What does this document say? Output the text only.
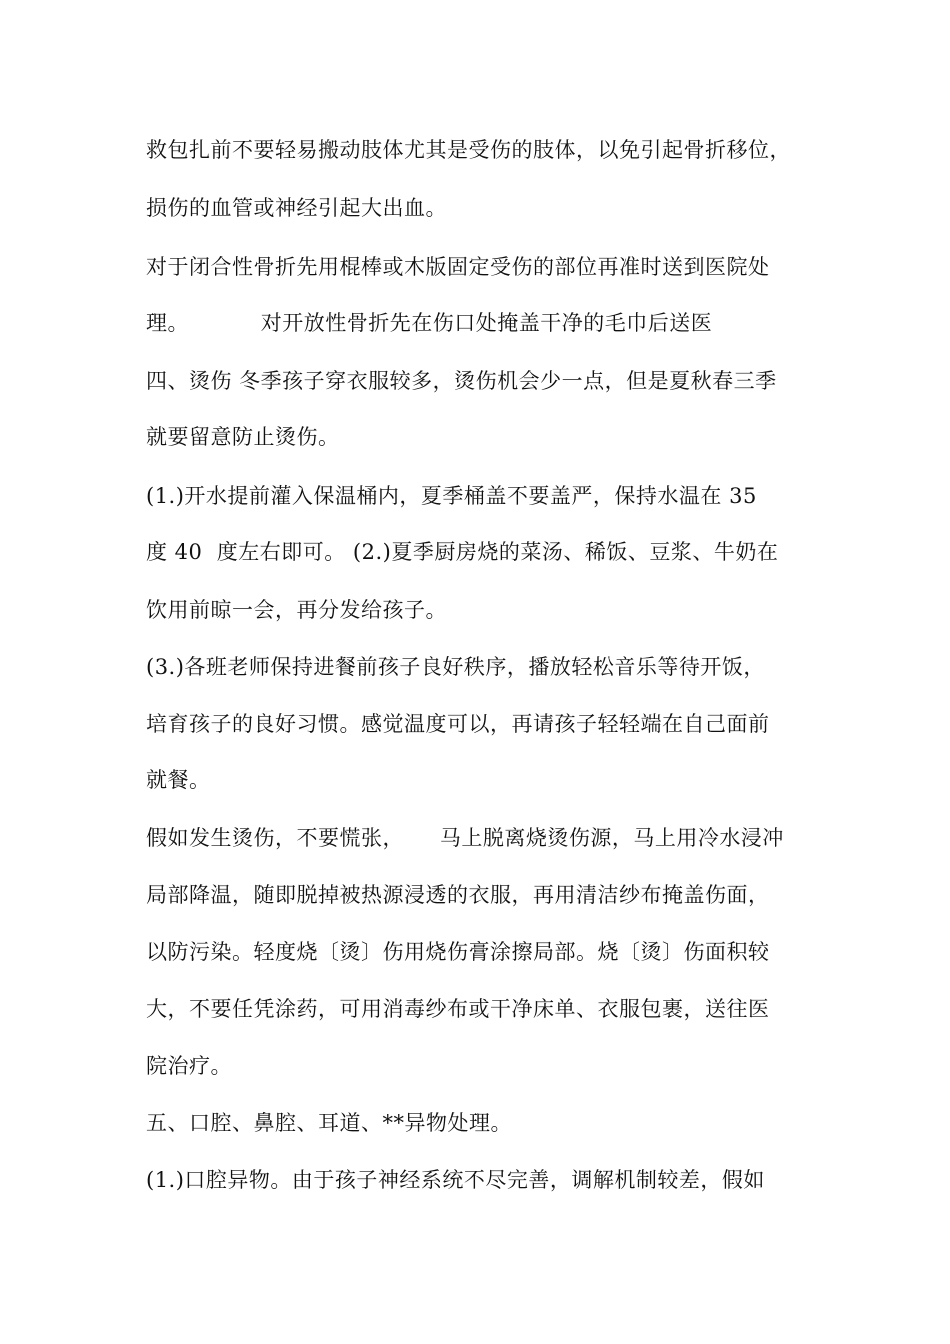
救包扎前不要轻易搬动肢体尤其是受伤的肢体，以免引起骨折移位，
损伤的血管或神经引起大出血。
对于闭合性骨折先用棍棒或木版固定受伤的部位再准时送到医院处
理。          对开放性骨折先在伤口处掩盖干净的毛巾后送医
四、烫伤 冬季孩子穿衣服较多，烫伤机会少一点，但是夏秋春三季
就要留意防止烫伤。
(1.)开水提前灌入保温桶内，夏季桶盖不要盖严，保持水温在 35
度 40  度左右即可。 (2.)夏季厨房烧的菜汤、稀饭、豆浆、牛奶在
饮用前晾一会，再分发给孩子。
(3.)各班老师保持进餐前孩子良好秩序，播放轻松音乐等待开饭，
培育孩子的良好习惯。感觉温度可以，再请孩子轻轻端在自己面前
就餐。
假如发生烫伤，不要慌张，     马上脱离烧烫伤源，马上用冷水浸冲
局部降温，随即脱掉被热源浸透的衣服，再用清洁纱布掩盖伤面，
以防污染。轻度烧〔烫〕伤用烧伤膏涂擦局部。烧〔烫〕伤面积较
大，不要任凭涂药，可用消毒纱布或干净床单、衣服包裹，送往医
院治疗。
五、口腔、鼻腔、耳道、**异物处理。
(1.)口腔异物。由于孩子神经系统不尽完善，调解机制较差，假如
